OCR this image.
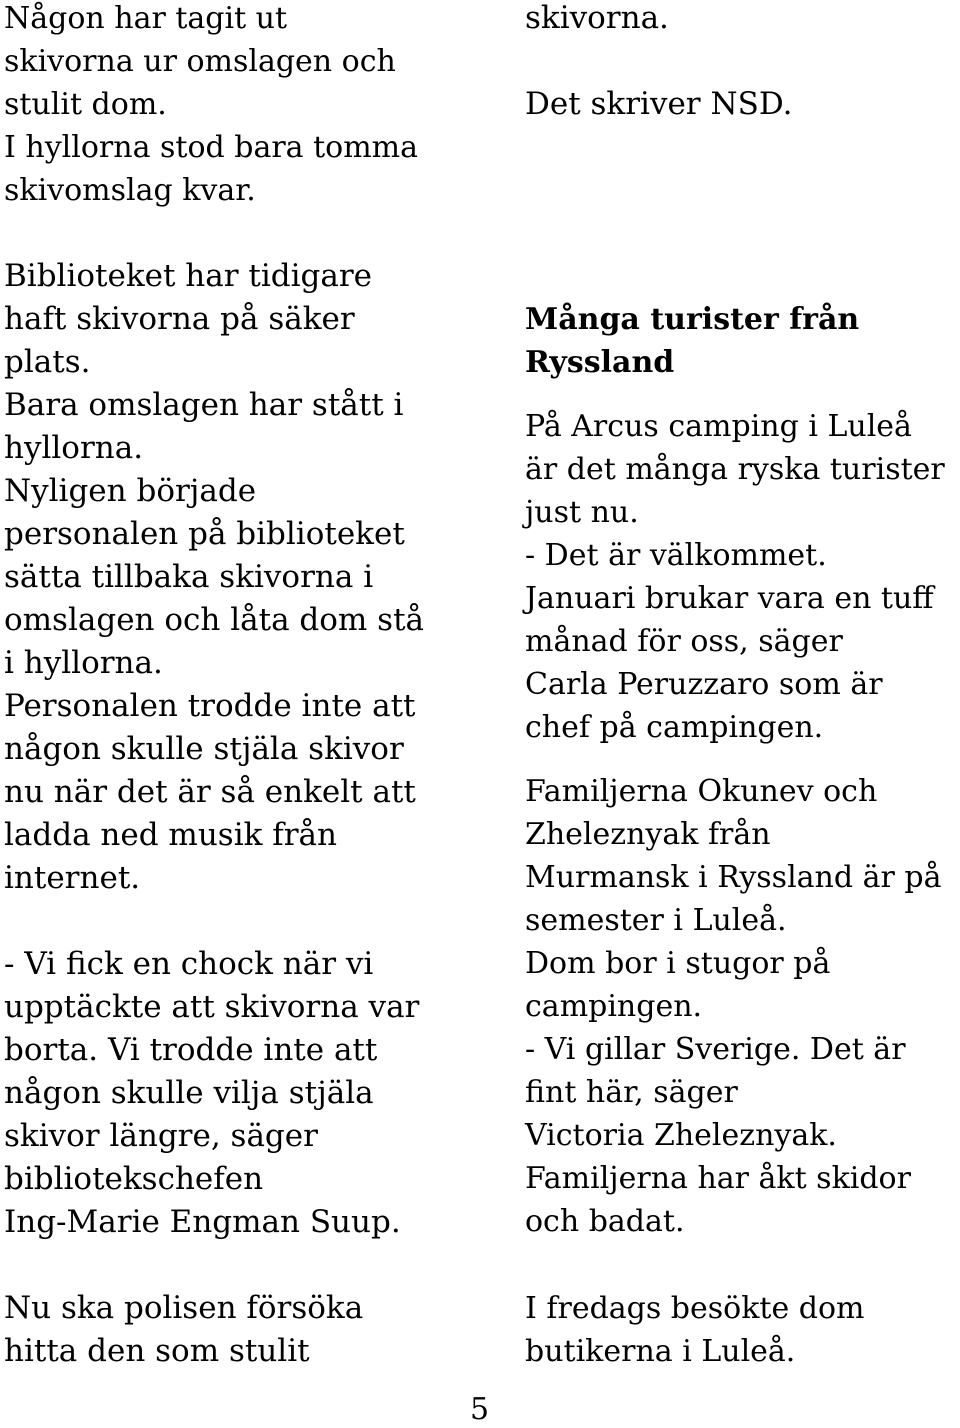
Någon har tagit ut

skivorna ur omslagen och

stulit dom.

I hyllorna stod bara tomma

skivomslag kvar.

Biblioteket har tidigare

haft skivorna på säker

plats.

Bara omslagen har stått i

hyllorna.

Nyligen började

personalen på biblioteket

sätta tillbaka skivorna i

omslagen och låta dom stå

i hyllorna.

Personalen trodde inte att

någon skulle stjäla skivor

nu när det är så enkelt att

ladda ned musik från

internet.

- Vi fick en chock när vi

upptäckte att skivorna var

borta. Vi trodde inte att

någon skulle vilja stjäla

skivor längre, säger

bibliotekschefen

Ing-Marie Engman Suup.

Nu ska polisen försöka

hitta den som stulit

skivorna.

Det skriver NSD.

Många turister från

Ryssland

På Arcus camping i Luleå

är det många ryska turister

just nu.

- Det är välkommet.

Januari brukar vara en tuff

månad för oss, säger

Carla Peruzzaro som är

chef på campingen.

Familjerna Okunev och

Zheleznyak från

Murmansk i Ryssland är på

semester i Luleå.

Dom bor i stugor på

campingen.

- Vi gillar Sverige. Det är

fint här, säger

Victoria Zheleznyak.

Familjerna har åkt skidor

och badat.

I fredags besökte dom

butikerna i Luleå.

5
